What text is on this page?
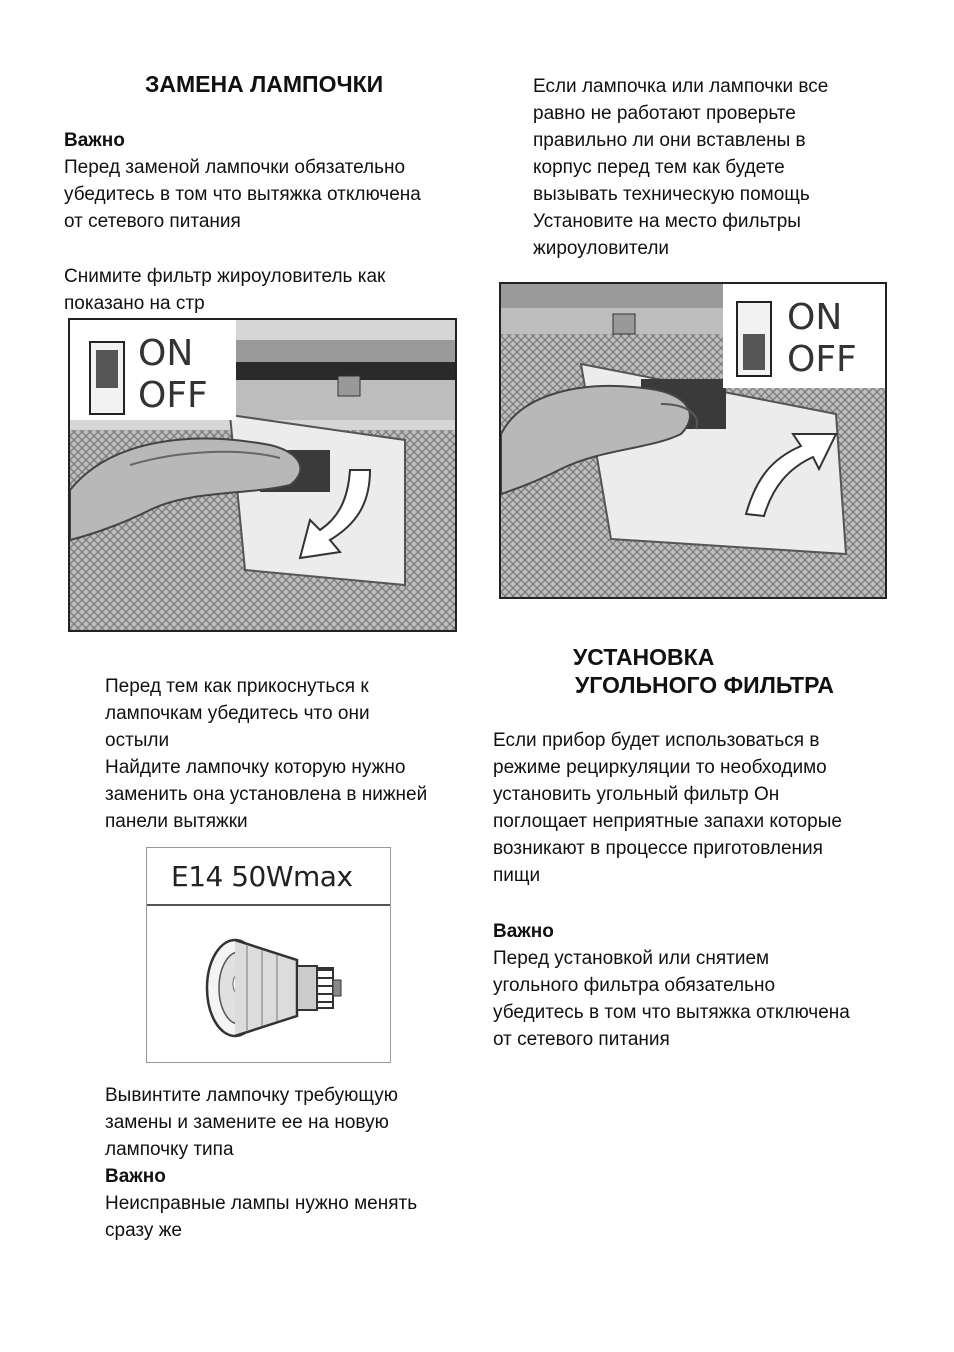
ЗАМЕНА ЛАМПОЧКИ
Важно
Перед заменой лампочки обязательно
убедитесь в том что вытяжка отключена
от сетевого питания
Снимите фильтр жироуловитель как
показано на стр
ON
OFF
Перед тем как прикоснуться к
лампочкам убедитесь что они
остыли
Найдите лампочку которую нужно
заменить она установлена в нижней
панели вытяжки
E14 50Wmax
Вывинтите лампочку требующую
замены и замените ее на новую
лампочку типа
Важно
Неисправные лампы нужно менять
сразу же
Если лампочка или лампочки все
равно не работают проверьте
правильно ли они вставлены в
корпус перед тем как будете
вызывать техническую помощь
Установите на место фильтры
жироуловители
ON
OFF
УСТАНОВКА
УГОЛЬНОГО ФИЛЬТРА
Если прибор будет использоваться в
режиме рециркуляции то необходимо
установить угольный фильтр Он
поглощает неприятные запахи которые
возникают в процессе приготовления
пищи
Важно
Перед установкой или снятием
угольного фильтра обязательно
убедитесь в том что вытяжка отключена
от сетевого питания
